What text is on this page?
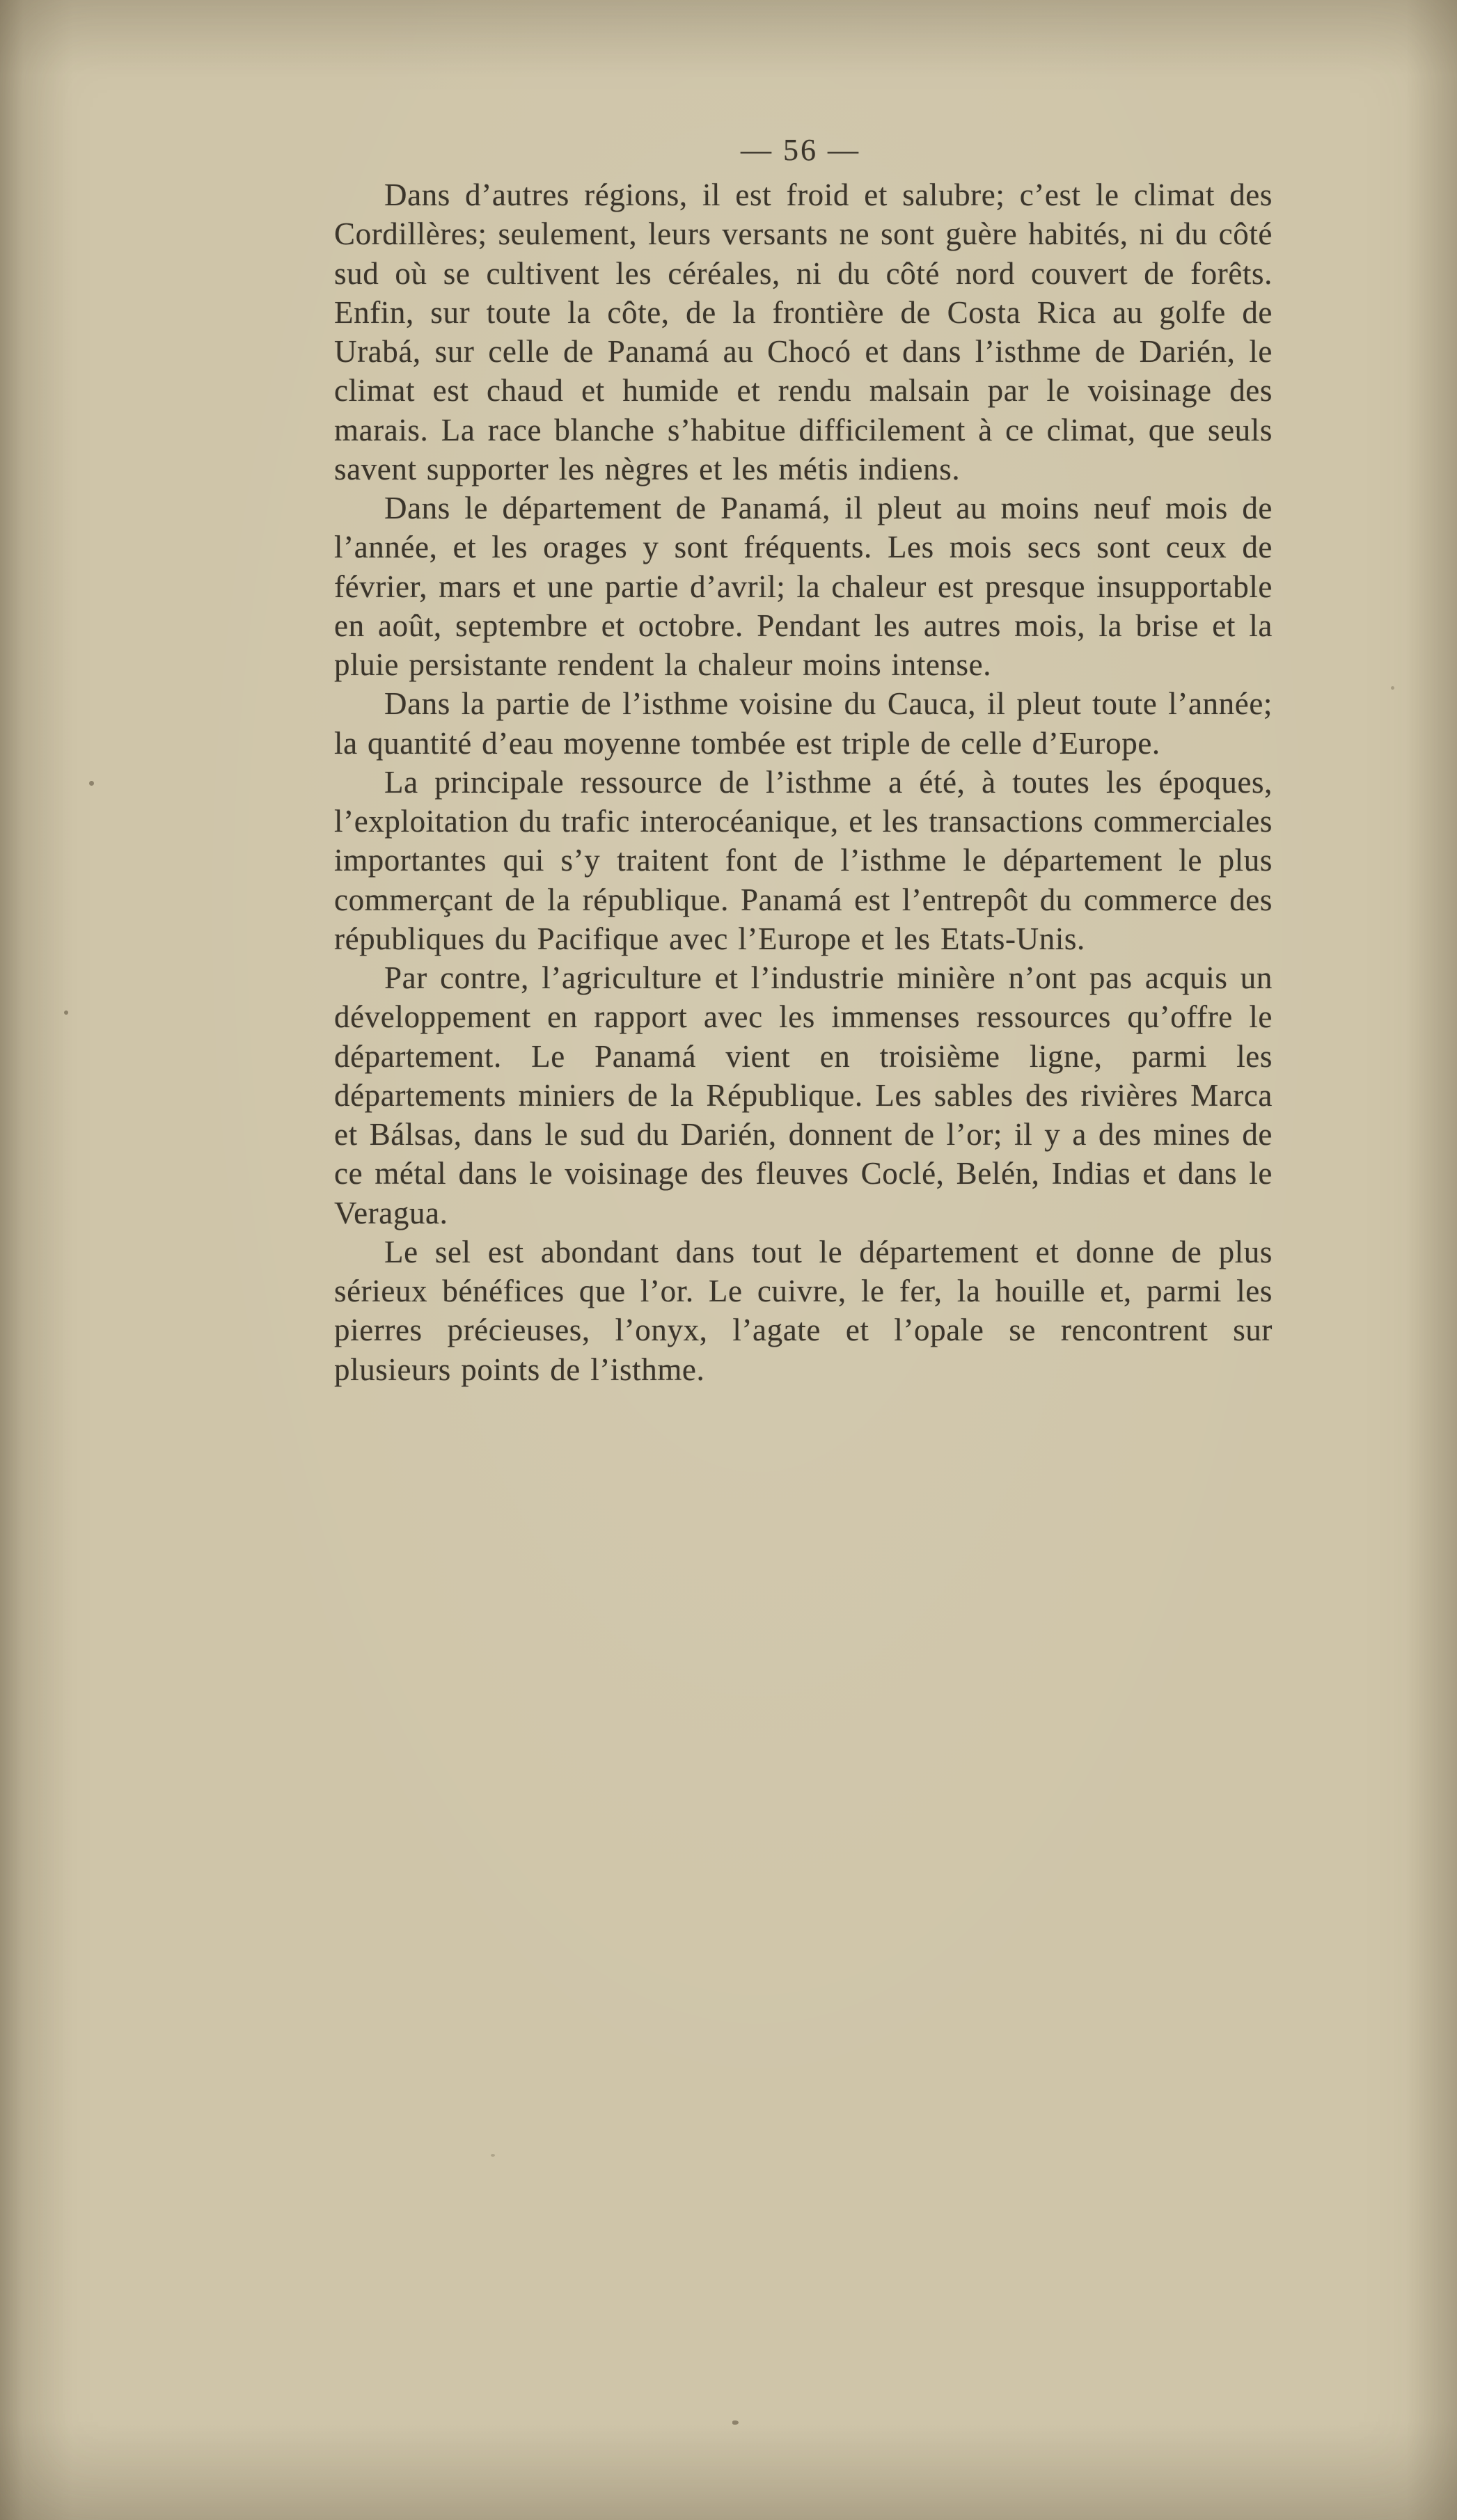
— 56 —

Dans d’autres régions, il est froid et salubre; c’est le climat des Cordillères; seulement, leurs versants ne sont guère habités, ni du côté sud où se cultivent les céréales, ni du côté nord couvert de forêts. Enfin, sur toute la côte, de la frontière de Costa Rica au golfe de Urabá, sur celle de Panamá au Chocó et dans l’isthme de Darién, le climat est chaud et humide et rendu malsain par le voisinage des marais. La race blanche s’habitue difficilement à ce climat, que seuls savent supporter les nègres et les métis indiens.

Dans le département de Panamá, il pleut au moins neuf mois de l’année, et les orages y sont fréquents. Les mois secs sont ceux de février, mars et une partie d’avril; la chaleur est presque insupportable en août, septembre et octobre. Pendant les autres mois, la brise et la pluie persistante rendent la chaleur moins intense.

Dans la partie de l’isthme voisine du Cauca, il pleut toute l’année; la quantité d’eau moyenne tombée est triple de celle d’Europe.

La principale ressource de l’isthme a été, à toutes les époques, l’exploitation du trafic interocéanique, et les transactions commerciales importantes qui s’y traitent font de l’isthme le département le plus commerçant de la république. Panamá est l’entrepôt du commerce des républiques du Pacifique avec l’Europe et les Etats-Unis.

Par contre, l’agriculture et l’industrie minière n’ont pas acquis un développement en rapport avec les immenses ressources qu’offre le département. Le Panamá vient en troisième ligne, parmi les départements miniers de la République. Les sables des rivières Marca et Bálsas, dans le sud du Darién, donnent de l’or; il y a des mines de ce métal dans le voisinage des fleuves Coclé, Belén, Indias et dans le Veragua.

Le sel est abondant dans tout le département et donne de plus sérieux bénéfices que l’or. Le cuivre, le fer, la houille et, parmi les pierres précieuses, l’onyx, l’agate et l’opale se rencontrent sur plusieurs points de l’isthme.
